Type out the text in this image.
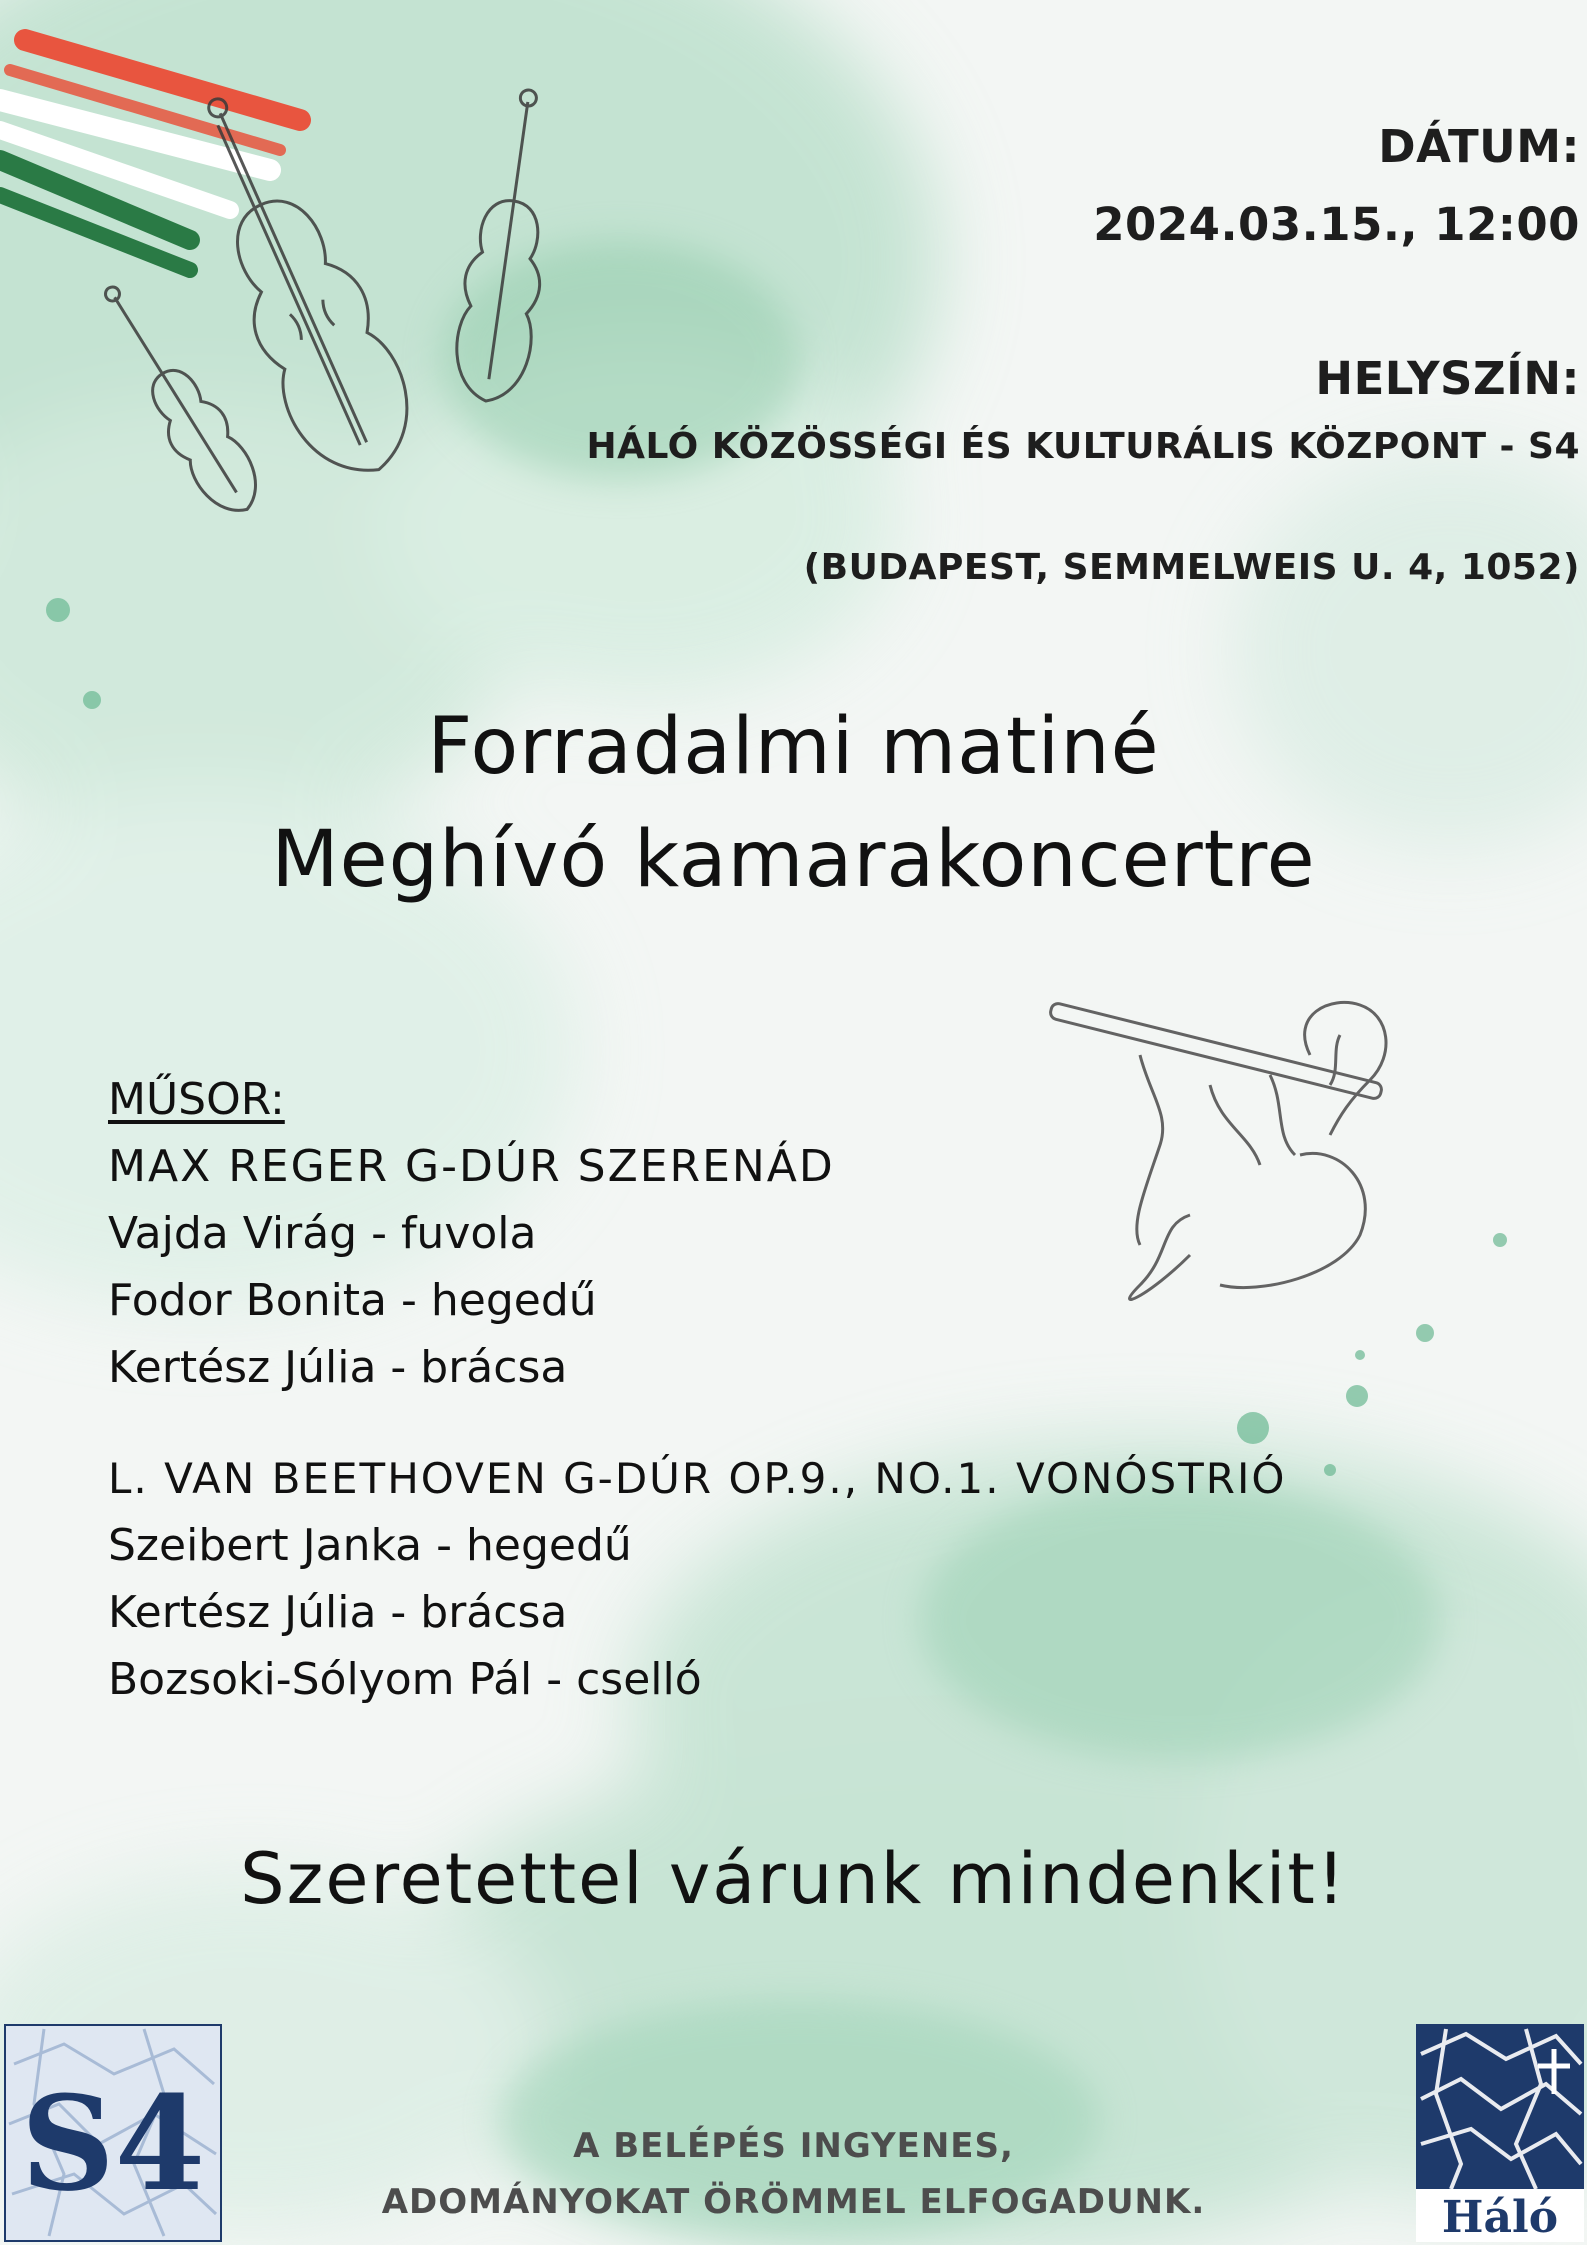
DÁTUM:
2024.03.15., 12:00
HELYSZÍN:
HÁLÓ KÖZÖSSÉGI ÉS KULTURÁLIS KÖZPONT - S4
(BUDAPEST, SEMMELWEIS U. 4, 1052)
Forradalmi matiné
Meghívó kamarakoncertre
MŰSOR:
MAX REGER G-DÚR SZERENÁD
Vajda Virág - fuvola
Fodor Bonita - hegedű
Kertész Júlia - brácsa
L. VAN BEETHOVEN G-DÚR OP.9., NO.1. VONÓSTRIÓ
Szeibert Janka - hegedű
Kertész Júlia - brácsa
Bozsoki-Sólyom Pál - cselló
Szeretettel várunk mindenkit!
A BELÉPÉS INGYENES,
ADOMÁNYOKAT ÖRÖMMEL ELFOGADUNK.
S4	Háló
